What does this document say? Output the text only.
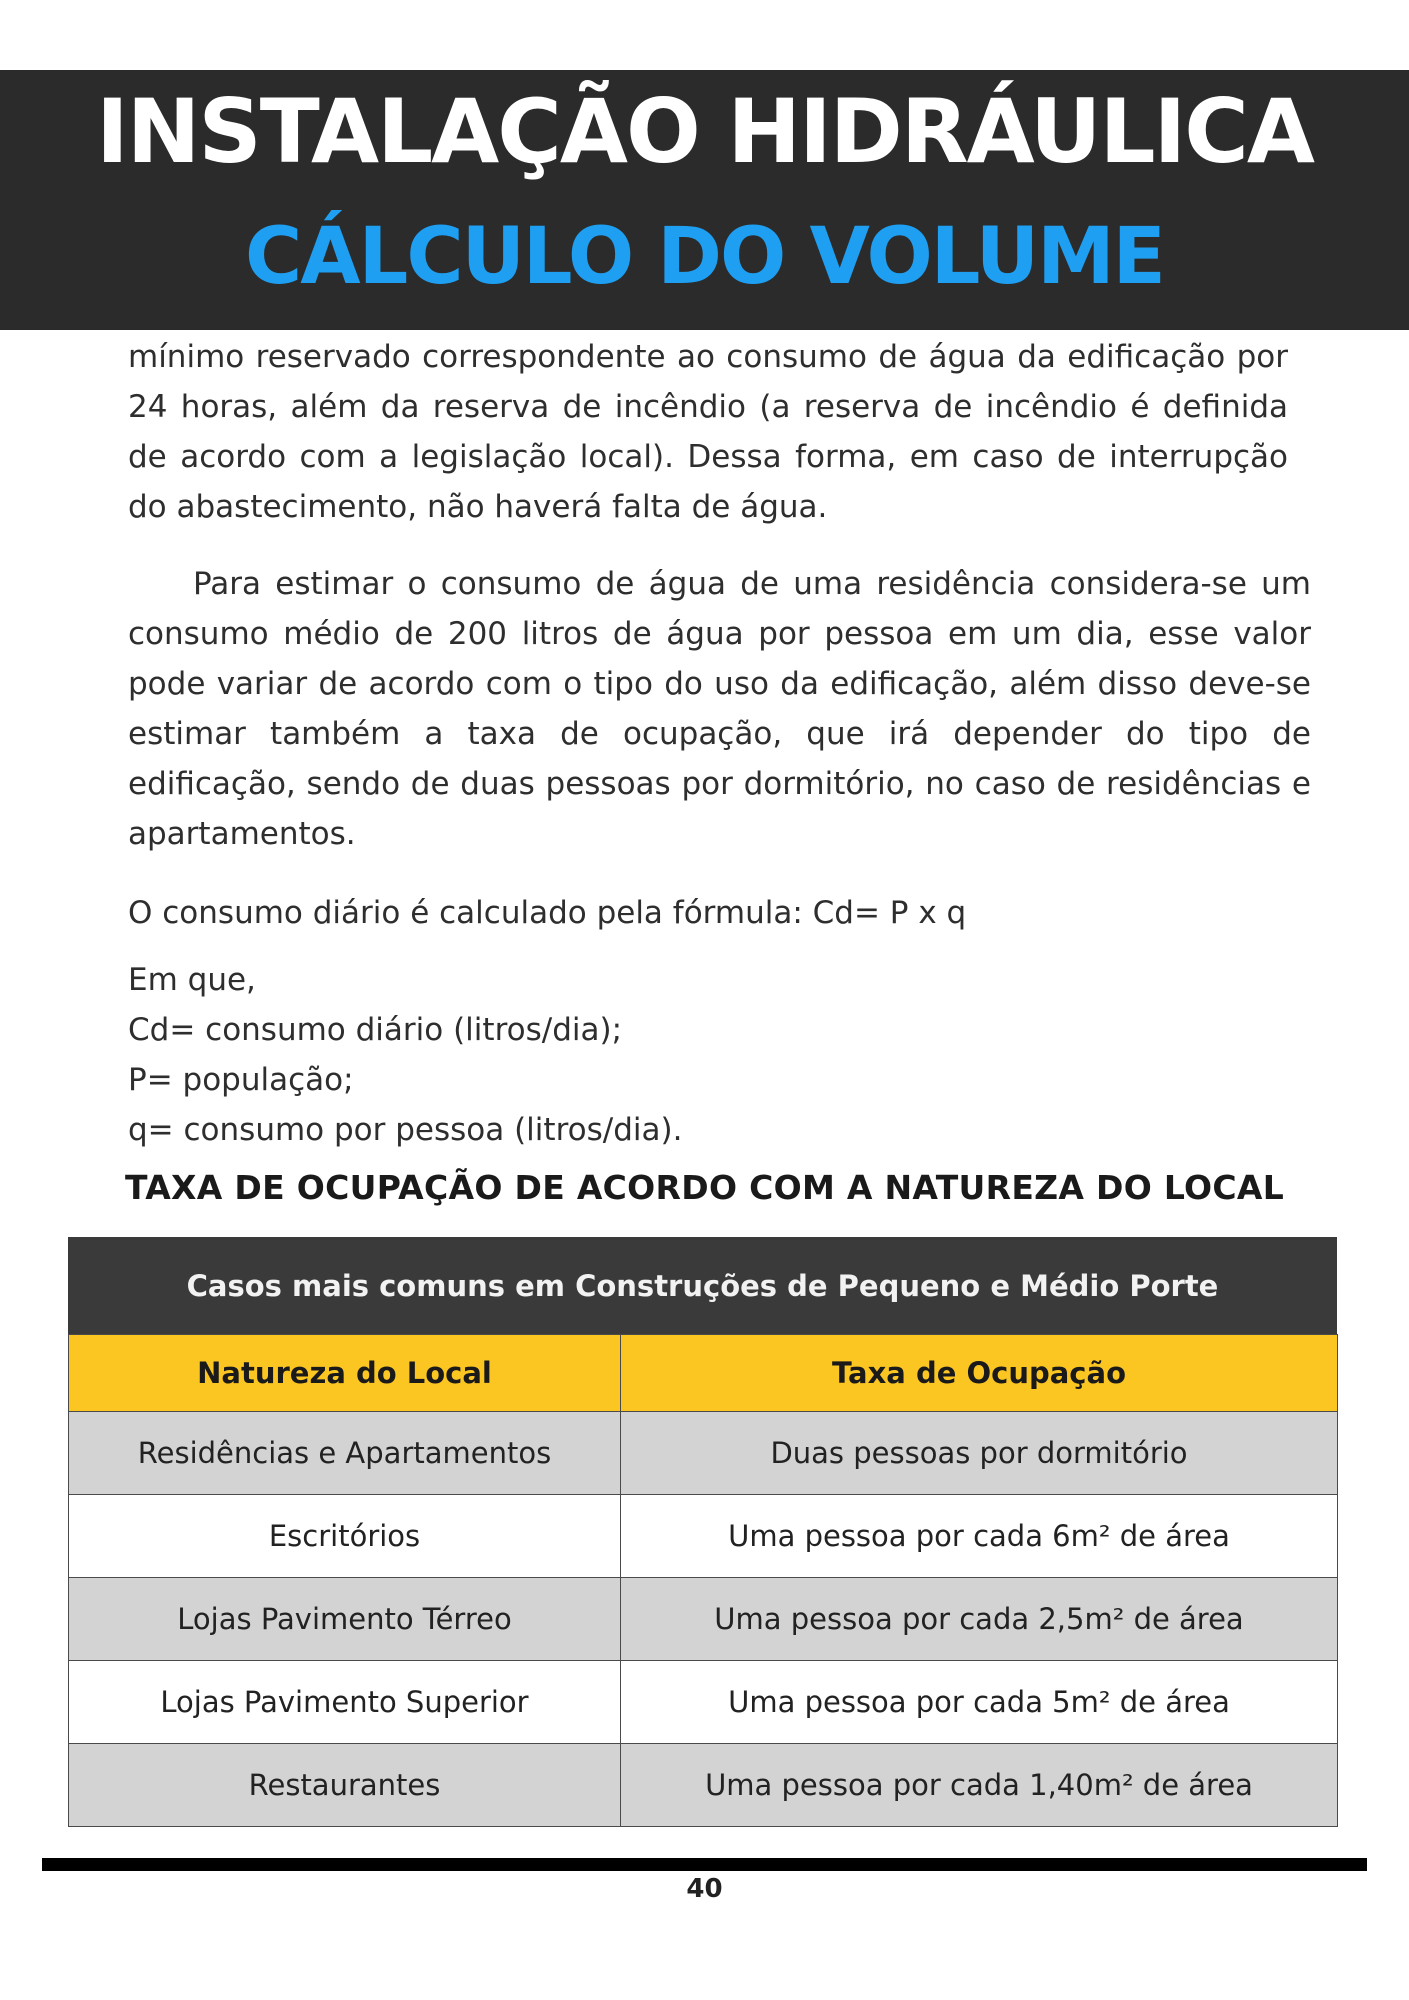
INSTALAÇÃO HIDRÁULICA
CÁLCULO DO VOLUME

mínimo reservado correspondente ao consumo de água da edificação por 24 horas, além da reserva de incêndio (a reserva de incêndio é definida de acordo com a legislação local). Dessa forma, em caso de interrupção do abastecimento, não haverá falta de água.

Para estimar o consumo de água de uma residência considera-se um consumo médio de 200 litros de água por pessoa em um dia, esse valor pode variar de acordo com o tipo do uso da edificação, além disso deve-se estimar também a taxa de ocupação, que irá depender do tipo de edificação, sendo de duas pessoas por dormitório, no caso de residências e apartamentos.

O consumo diário é calculado pela fórmula: Cd= P x q
Em que,
Cd= consumo diário (litros/dia);
P= população;
q= consumo por pessoa (litros/dia).
TAXA DE OCUPAÇÃO DE ACORDO COM A NATUREZA DO LOCAL
Casos mais comuns em Construções de Pequeno e Médio Porte
Natureza do Local	Taxa de Ocupação
Residências e Apartamentos	Duas pessoas por dormitório
Escritórios	Uma pessoa por cada 6m² de área
Lojas Pavimento Térreo	Uma pessoa por cada 2,5m² de área
Lojas Pavimento Superior	Uma pessoa por cada 5m² de área
Restaurantes	Uma pessoa por cada 1,40m² de área
40
